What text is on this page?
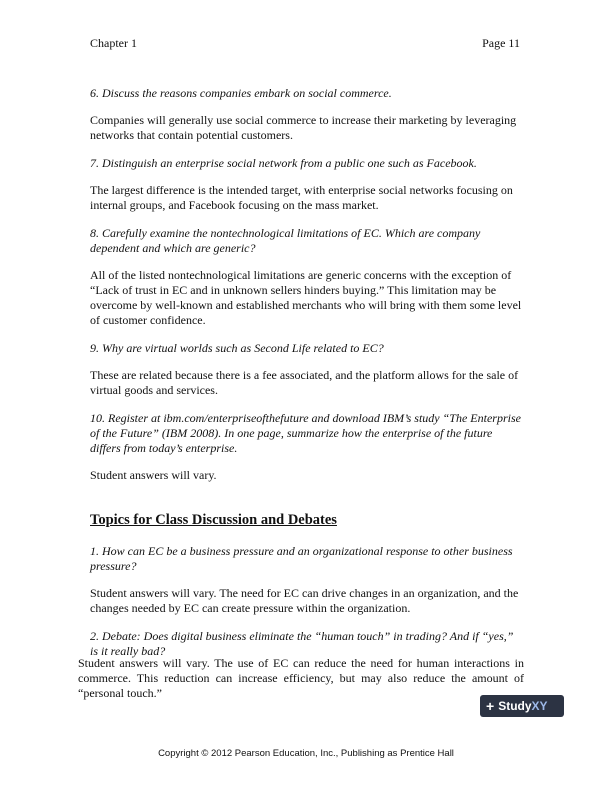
Chapter 1	Page 11

6. Discuss the reasons companies embark on social commerce.

Companies will generally use social commerce to increase their marketing by leveraging networks that contain potential customers.

7. Distinguish an enterprise social network from a public one such as Facebook.

The largest difference is the intended target, with enterprise social networks focusing on internal groups, and Facebook focusing on the mass market.

8. Carefully examine the nontechnological limitations of EC. Which are company dependent and which are generic?

All of the listed nontechnological limitations are generic concerns with the exception of “Lack of trust in EC and in unknown sellers hinders buying.” This limitation may be overcome by well-known and established merchants who will bring with them some level of customer confidence.

9. Why are virtual worlds such as Second Life related to EC?

These are related because there is a fee associated, and the platform allows for the sale of virtual goods and services.

10. Register at ibm.com/enterpriseofthefuture and download IBM’s study “The Enterprise of the Future” (IBM 2008). In one page, summarize how the enterprise of the future differs from today’s enterprise.

Student answers will vary.

Topics for Class Discussion and Debates

1. How can EC be a business pressure and an organizational response to other business pressure?

Student answers will vary. The need for EC can drive changes in an organization, and the changes needed by EC can create pressure within the organization.

2. Debate: Does digital business eliminate the “human touch” in trading? And if “yes,” is it really bad?

Student answers will vary. The use of EC can reduce the need for human interactions in commerce. This reduction can increase efficiency, but may also reduce the amount of “personal touch.”
+ Study XY
Copyright © 2012 Pearson Education, Inc., Publishing as Prentice Hall
